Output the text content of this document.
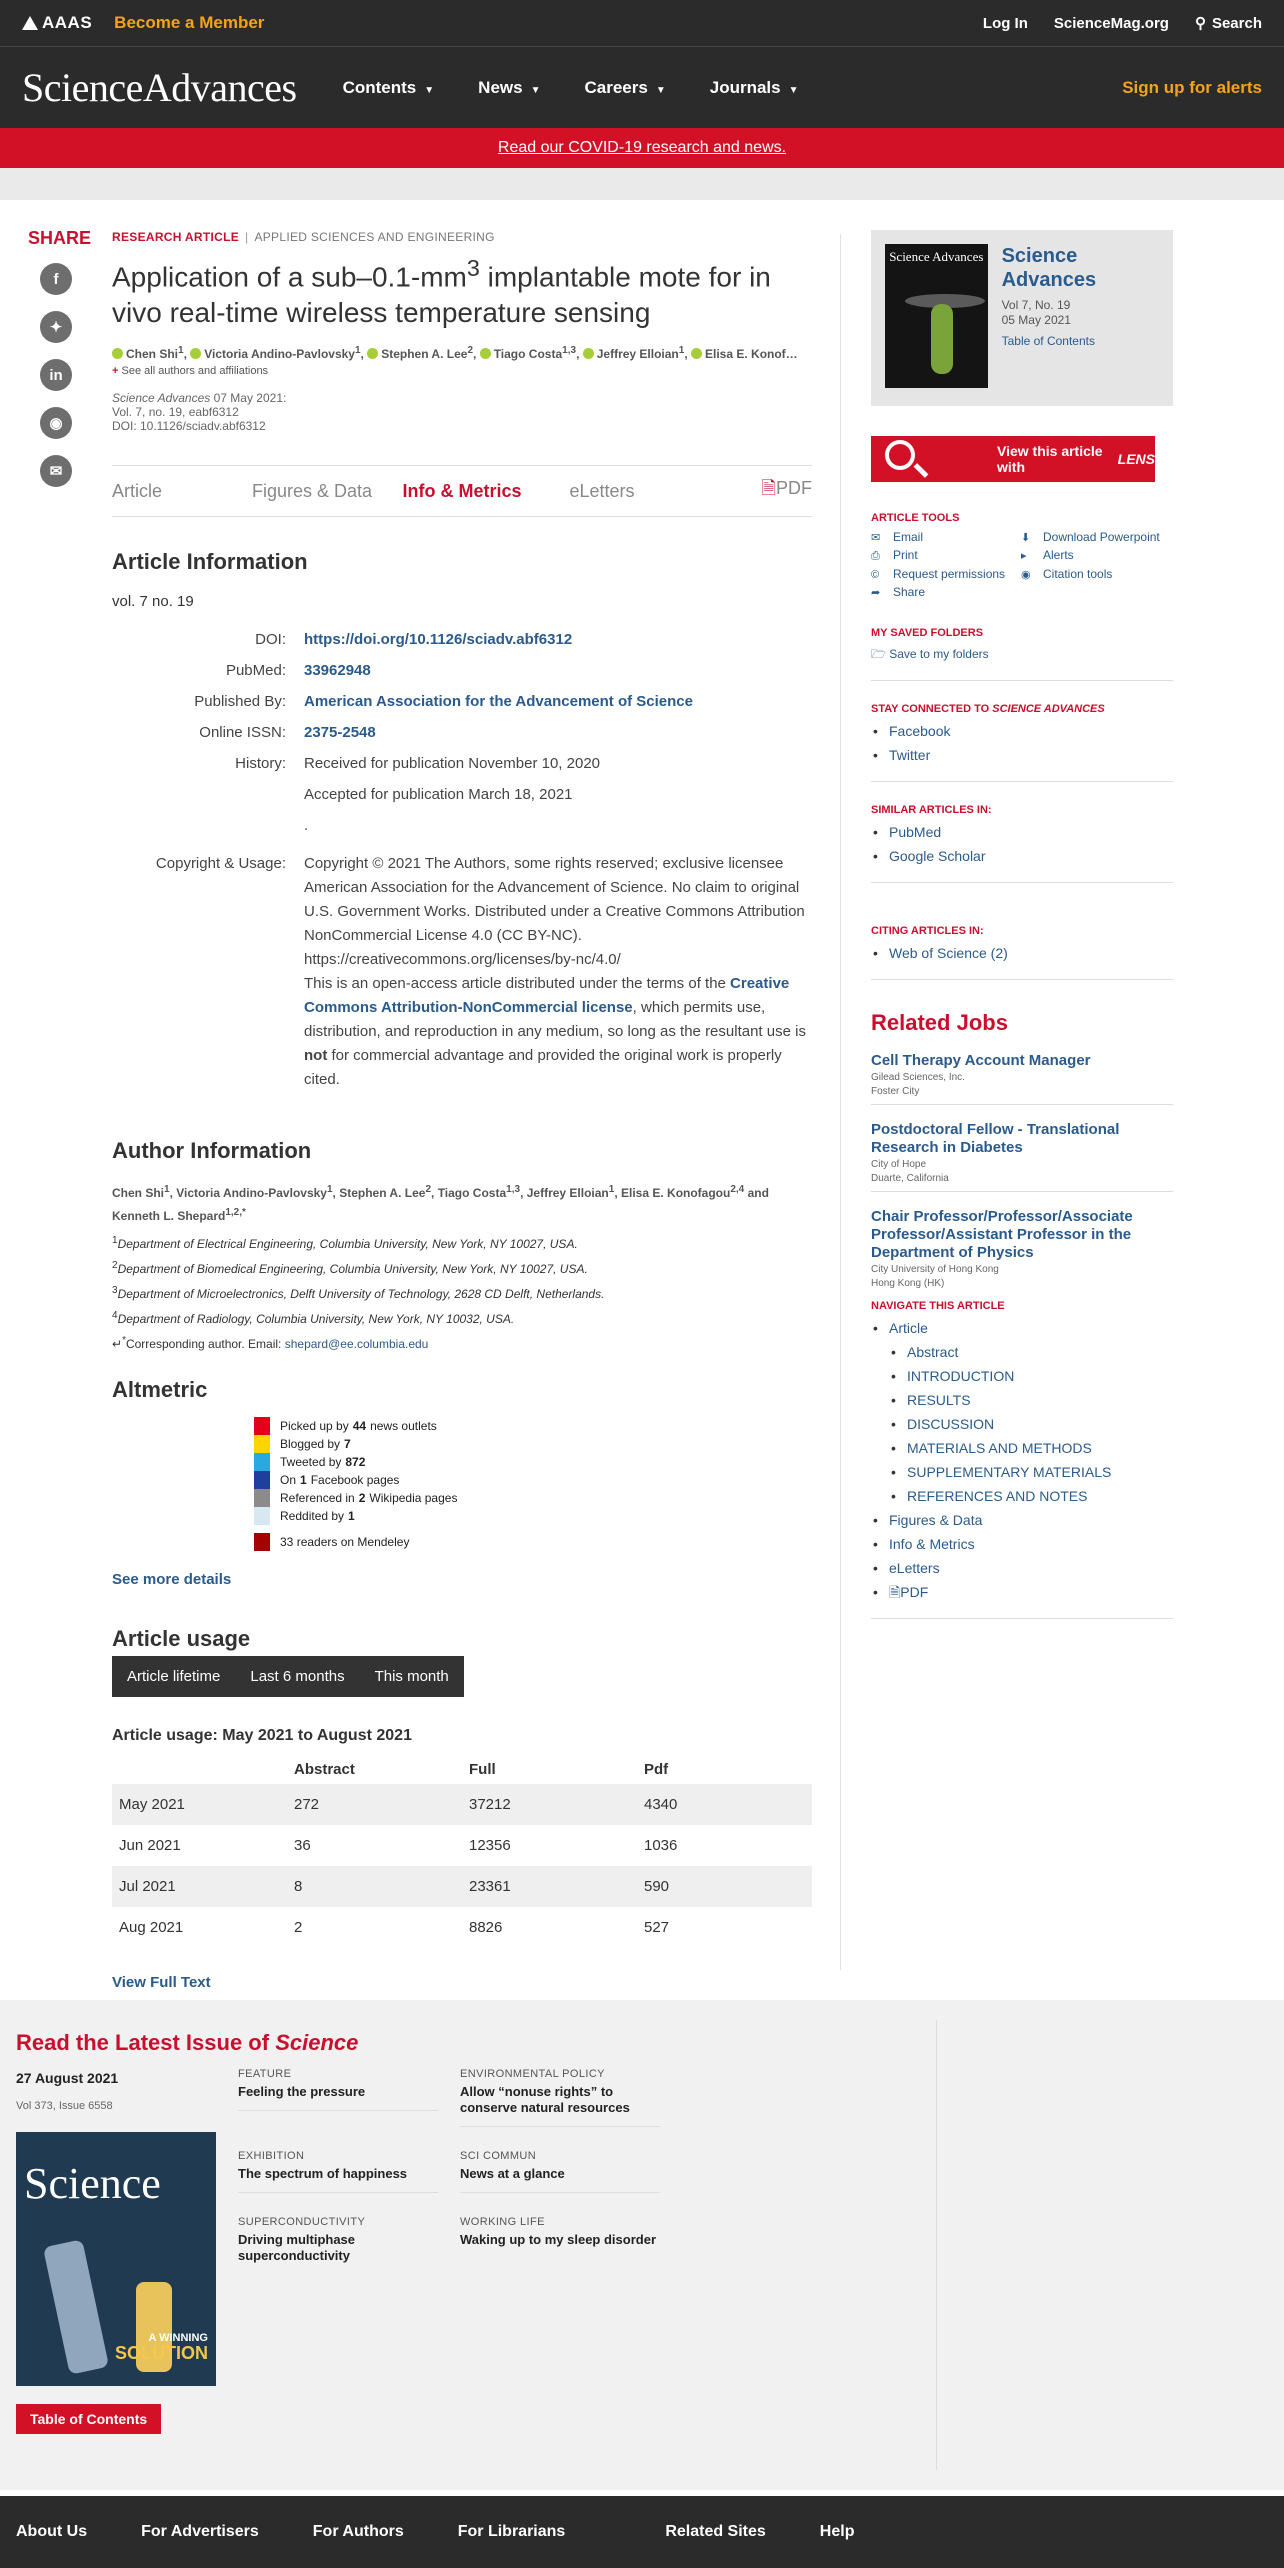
AAAS Become a Member	Log In ScienceMag.org ⚲ Search
ScienceAdvances	Contents ▼	News ▼	Careers ▼	Journals ▼	Sign up for alerts
Read our COVID-19 research and news.
SHARE
f
✦
in
◉
✉
RESEARCH ARTICLE | APPLIED SCIENCES AND ENGINEERING
Application of a sub–$0.1-mm^3$ implantable mote for in vivo real-time wireless temperature sensing
Chen Shi$^1$, Victoria Andino-Pavlovsky$^1$, Stephen A. Lee$^2$, Tiago Costa$^{1,3}$, Jeffrey Elloian$^1$, Elisa E. Konof…
+ See all authors and affiliations
Science Advances 07 May 2021:
Vol. 7, no. 19, eabf6312
DOI: 10.1126/sciadv.abf6312
Article	Figures & Data	Info & Metrics	eLetters	🗎PDF
Article Information
vol. 7 no. 19
DOI:	https://doi.org/10.1126/sciadv.abf6312
PubMed:	33962948
Published By:	American Association for the Advancement of Science
Online ISSN:	2375-2548
History:	Received for publication November 10, 2020
Accepted for publication March 18, 2021
.
Copyright & Usage:	Copyright © 2021 The Authors, some rights reserved; exclusive licensee American Association for the Advancement of Science. No claim to original U.S. Government Works. Distributed under a Creative Commons Attribution NonCommercial License 4.0 (CC BY-NC). https://creativecommons.org/licenses/by-nc/4.0/
This is an open-access article distributed under the terms of the Creative Commons Attribution-NonCommercial license, which permits use, distribution, and reproduction in any medium, so long as the resultant use is not for commercial advantage and provided the original work is properly cited.
Author Information
Chen Shi$^1$, Victoria Andino-Pavlovsky$^1$, Stephen A. Lee$^2$, Tiago Costa$^{1,3}$, Jeffrey Elloian$^1$, Elisa E. Konofagou$^{2,4}$ and Kenneth L. Shepard$^{1,2,*}$
$^1$Department of Electrical Engineering, Columbia University, New York, NY 10027, USA.
$^2$Department of Biomedical Engineering, Columbia University, New York, NY 10027, USA.
$^3$Department of Microelectronics, Delft University of Technology, 2628 CD Delft, Netherlands.
$^4$Department of Radiology, Columbia University, New York, NY 10032, USA.
↵*Corresponding author. Email: shepard@ee.columbia.edu
Altmetric
Picked up by 44 news outlets
Blogged by 7
Tweeted by 872
On 1 Facebook pages
Referenced in 2 Wikipedia pages
Reddited by 1
33
readers on Mendeley
See more details
Article usage
Article lifetime	Last 6 months	This month
Article usage: May 2021 to August 2021
	Abstract	Full	Pdf
May 2021	272	37212	4340
Jun 2021	36	12356	1036
Jul 2021	8	23361	590
Aug 2021	2	8826	527
View Full Text
Science Advances Science Advances
Vol 7, No. 19
05 May 2021
Table of Contents
View this article with
	LENS
ARTICLE TOOLS
✉ Email	⬇ Download Powerpoint
⎙ Print	▸ Alerts
© Request permissions	◉ Citation tools
➦ Share
MY SAVED FOLDERS
🗁 Save to my folders
STAY CONNECTED TO SCIENCE ADVANCES
• Facebook
• Twitter
SIMILAR ARTICLES IN:
• PubMed
• Google Scholar
CITING ARTICLES IN:
• Web of Science (2)
Related Jobs
Cell Therapy Account Manager
Gilead Sciences, Inc.
Foster City
Postdoctoral Fellow - Translational Research in Diabetes
City of Hope
Duarte, California
Chair Professor/Professor/Associate Professor/Assistant Professor in the Department of Physics
City University of Hong Kong
Hong Kong (HK)
NAVIGATE THIS ARTICLE
• Article
• Abstract
• INTRODUCTION
• RESULTS
• DISCUSSION
• MATERIALS AND METHODS
• SUPPLEMENTARY MATERIALS
• REFERENCES AND NOTES
• Figures & Data
• Info & Metrics
• eLetters
• 🗎PDF
Read the Latest Issue of Science
27 August 2021
Vol 373, Issue 6558
Science
A WINNING
SOLUTION
Table of Contents
FEATURE
Feeling the pressure
ENVIRONMENTAL POLICY
Allow “nonuse rights” to conserve natural resources
EXHIBITION
The spectrum of happiness
SCI COMMUN
News at a glance
SUPERCONDUCTIVITY
Driving multiphase superconductivity
WORKING LIFE
Waking up to my sleep disorder
About Us	For Advertisers	For Authors	For Librarians	Related Sites	Help
